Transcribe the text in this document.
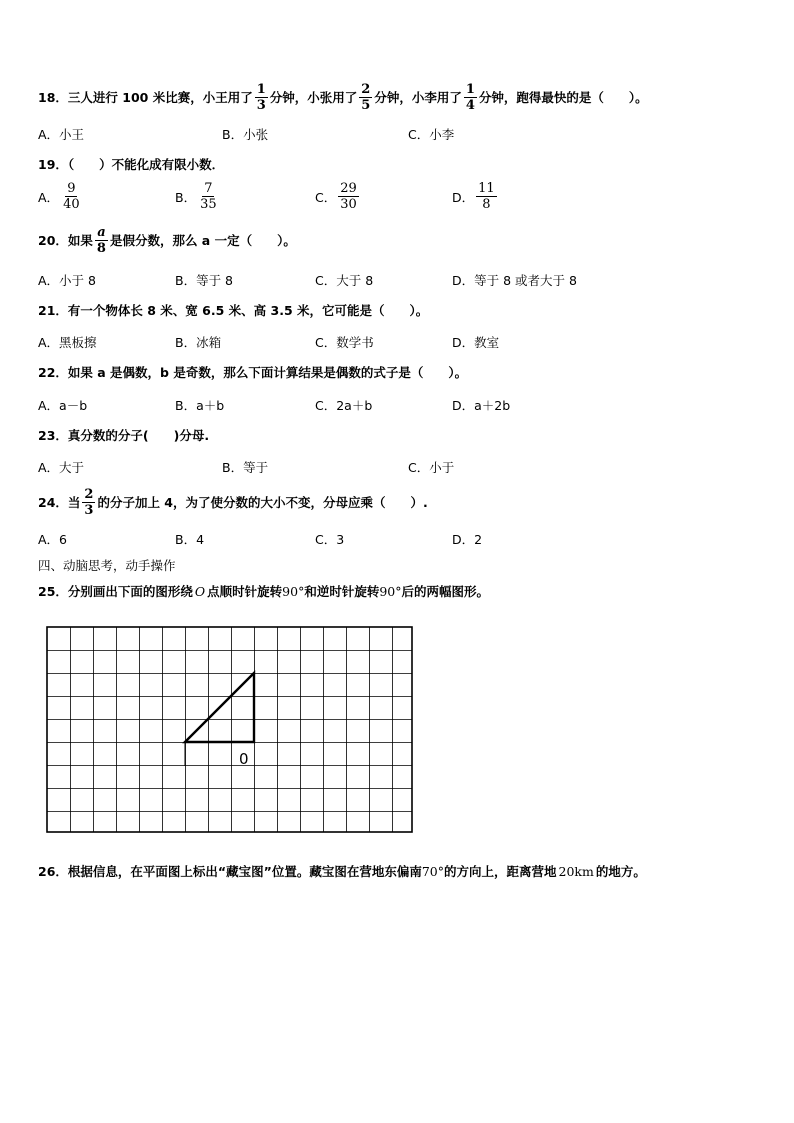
18． 三人进行 100 米比赛，小王用了 $\frac{1}{3}$ 分钟，小张用了 $\frac{2}{5}$ 分钟，小李用了 $\frac{1}{4}$ 分钟，跑得最快的是（　　）。
A．小王	B．小张	C．小李
19．（　　）不能化成有限小数．
A． $\frac{9}{40}$	B． $\frac{7}{35}$	C． $\frac{29}{30}$	D． $\frac{11}{8}$
20．如果 $\frac{a}{8}$ 是假分数，那么 a 一定（　　）。
A．小于 8	B．等于 8	C．大于 8	D．等于 8 或者大于 8
21．有一个物体长 8 米、宽 6.5 米、高 3.5 米，它可能是（　　）。
A．黑板擦	B．冰箱	C．数学书	D．教室
22．如果 a 是偶数，b 是奇数，那么下面计算结果是偶数的式子是（　　）。
A．a－b	B．a＋b	C．2a＋b	D．a＋2b
23．真分数的分子(　　)分母.
A．大于	B．等于	C．小于
24．当 $\frac{2}{3}$ 的分子加上 4，为了使分数的大小不变，分母应乘（　　）.
A．6	B．4	C．3	D．2
四、动脑思考，动手操作
25．分别画出下面的图形绕 O 点顺时针旋转 90° 和逆时针旋转 90° 后的两幅图形。
0
26．根据信息，在平面图上标出“藏宝图”位置。藏宝图在营地东偏南 70° 的方向上，距离营地 20km 的地方。
